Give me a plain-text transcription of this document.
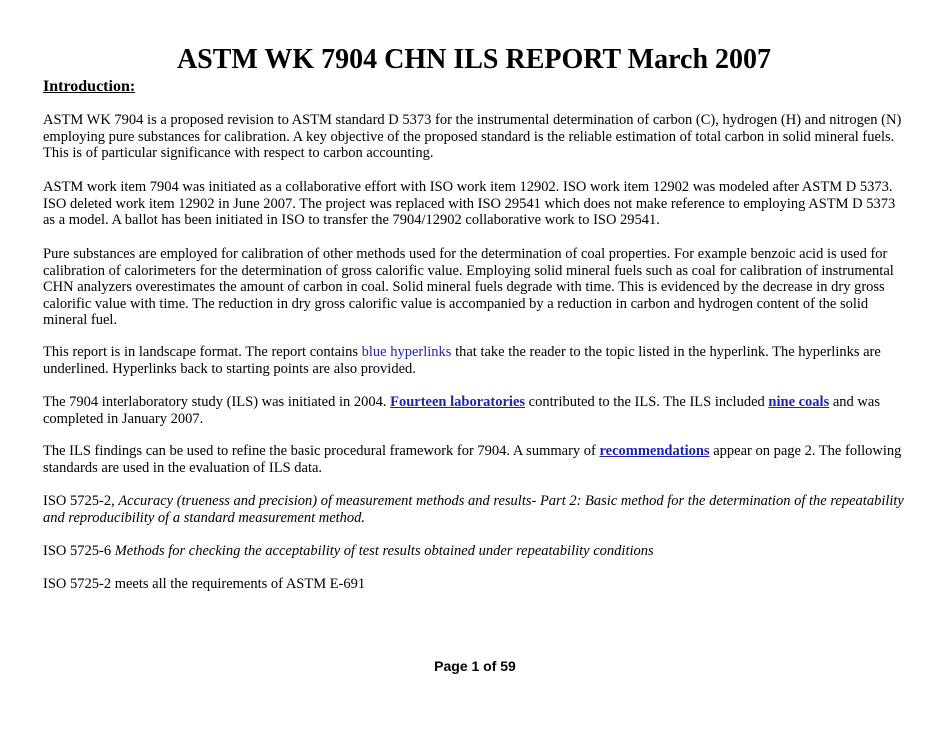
ASTM WK 7904 CHN ILS REPORT March 2007
Introduction:

ASTM WK 7904 is a proposed revision to ASTM standard D 5373 for the instrumental determination of carbon (C), hydrogen (H) and nitrogen (N) employing pure substances for calibration. A key objective of the proposed standard is the reliable estimation of total carbon in solid mineral fuels. This is of particular significance with respect to carbon accounting.

ASTM work item 7904 was initiated as a collaborative effort with ISO work item 12902. ISO work item 12902 was modeled after ASTM D 5373. ISO deleted work item 12902 in June 2007. The project was replaced with ISO 29541 which does not make reference to employing ASTM D 5373 as a model. A ballot has been initiated in ISO to transfer the 7904/12902 collaborative work to ISO 29541.

Pure substances are employed for calibration of other methods used for the determination of coal properties. For example benzoic acid is used for calibration of calorimeters for the determination of gross calorific value. Employing solid mineral fuels such as coal for calibration of instrumental CHN analyzers overestimates the amount of carbon in coal. Solid mineral fuels degrade with time. This is evidenced by the decrease in dry gross calorific value with time. The reduction in dry gross calorific value is accompanied by a reduction in carbon and hydrogen content of the solid mineral fuel.

This report is in landscape format. The report contains blue hyperlinks that take the reader to the topic listed in the hyperlink. The hyperlinks are underlined. Hyperlinks back to starting points are also provided.

The 7904 interlaboratory study (ILS) was initiated in 2004. Fourteen laboratories contributed to the ILS. The ILS included nine coals and was completed in January 2007.

The ILS findings can be used to refine the basic procedural framework for 7904. A summary of recommendations appear on page 2. The following standards are used in the evaluation of ILS data.

ISO 5725-2, Accuracy (trueness and precision) of measurement methods and results- Part 2: Basic method for the determination of the repeatability and reproducibility of a standard measurement method.

ISO 5725-6 Methods for checking the acceptability of test results obtained under repeatability conditions

ISO 5725-2 meets all the requirements of ASTM E-691

Page 1 of 59
